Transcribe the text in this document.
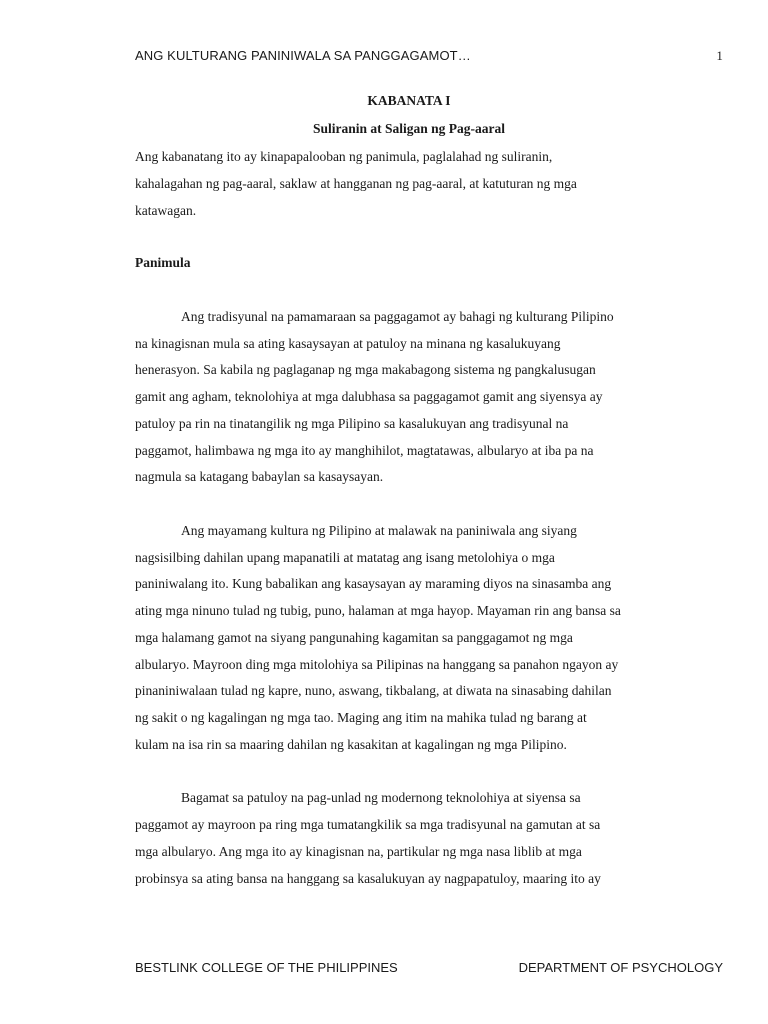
ANG KULTURANG PANINIWALA SA PANGGAGAMOT…	1
KABANATA I
Suliranin at Saligan ng Pag-aaral
Ang kabanatang ito ay kinapapalooban ng panimula, paglalahad ng suliranin,
kahalagahan ng pag-aaral, saklaw at hangganan ng pag-aaral, at katuturan ng mga
katawagan.
Panimula
Ang tradisyunal na pamamaraan sa paggagamot ay bahagi ng kulturang Pilipino
na kinagisnan mula sa ating kasaysayan at patuloy na minana ng kasalukuyang
henerasyon. Sa kabila ng paglaganap ng mga makabagong sistema ng pangkalusugan
gamit ang agham, teknolohiya at mga dalubhasa sa paggagamot gamit ang siyensya ay
patuloy pa rin na tinatangilik ng mga Pilipino sa kasalukuyan ang tradisyunal na
paggamot, halimbawa ng mga ito ay manghihilot, magtatawas, albularyo at iba pa na
nagmula sa katagang babaylan sa kasaysayan.
Ang mayamang kultura ng Pilipino at malawak na paniniwala ang siyang
nagsisilbing dahilan upang mapanatili at matatag ang isang metolohiya o mga
paniniwalang ito. Kung babalikan ang kasaysayan ay maraming diyos na sinasamba ang
ating mga ninuno tulad ng tubig, puno, halaman at mga hayop. Mayaman rin ang bansa sa
mga halamang gamot na siyang pangunahing kagamitan sa panggagamot ng mga
albularyo. Mayroon ding mga mitolohiya sa Pilipinas na hanggang sa panahon ngayon ay
pinaniniwalaan tulad ng kapre, nuno, aswang, tikbalang, at diwata na sinasabing dahilan
ng sakit o ng kagalingan ng mga tao. Maging ang itim na mahika tulad ng barang at
kulam na isa rin sa maaring dahilan ng kasakitan at kagalingan ng mga Pilipino.
Bagamat sa patuloy na pag-unlad ng modernong teknolohiya at siyensa sa
paggamot ay mayroon pa ring mga tumatangkilik sa mga tradisyunal na gamutan at sa
mga albularyo. Ang mga ito ay kinagisnan na, partikular ng mga nasa liblib at mga
probinsya sa ating bansa na hanggang sa kasalukuyan ay nagpapatuloy, maaring ito ay
BESTLINK COLLEGE OF THE PHILIPPINES	DEPARTMENT OF PSYCHOLOGY
